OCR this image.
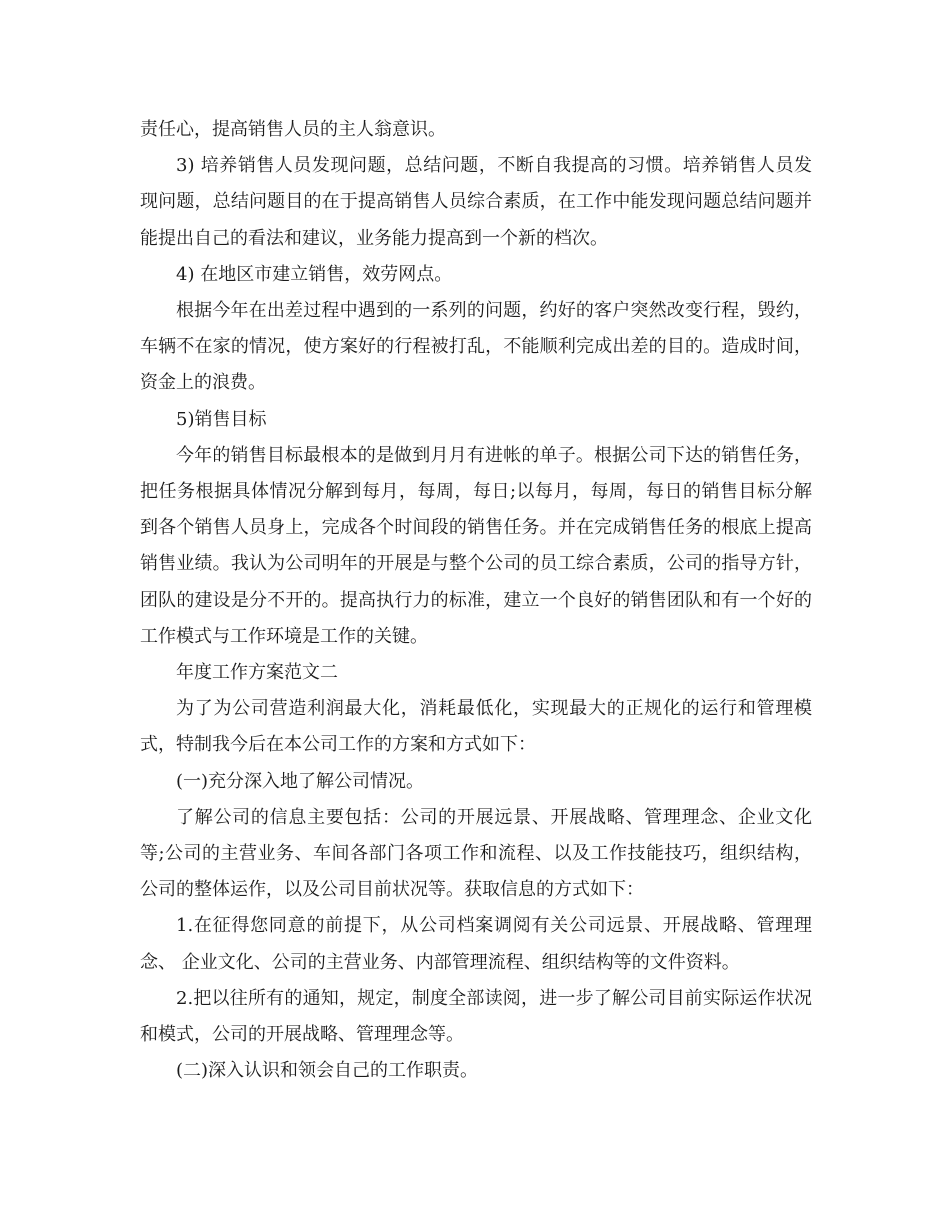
责任心，提高销售人员的主人翁意识。

3) 培养销售人员发现问题，总结问题，不断自我提高的习惯。培养销售人员发现问题，总结问题目的在于提高销售人员综合素质，在工作中能发现问题总结问题并能提出自己的看法和建议，业务能力提高到一个新的档次。

4) 在地区市建立销售，效劳网点。

根据今年在出差过程中遇到的一系列的问题，约好的客户突然改变行程，毁约，车辆不在家的情况，使方案好的行程被打乱，不能顺利完成出差的目的。造成时间，资金上的浪费。

5)销售目标

今年的销售目标最根本的是做到月月有进帐的单子。根据公司下达的销售任务，把任务根据具体情况分解到每月，每周，每日;以每月，每周，每日的销售目标分解到各个销售人员身上，完成各个时间段的销售任务。并在完成销售任务的根底上提高销售业绩。我认为公司明年的开展是与整个公司的员工综合素质，公司的指导方针，团队的建设是分不开的。提高执行力的标准，建立一个良好的销售团队和有一个好的工作模式与工作环境是工作的关键。

年度工作方案范文二

为了为公司营造利润最大化，消耗最低化，实现最大的正规化的运行和管理模式，特制我今后在本公司工作的方案和方式如下：

(一)充分深入地了解公司情况。

了解公司的信息主要包括：公司的开展远景、开展战略、管理理念、企业文化等;公司的主营业务、车间各部门各项工作和流程、以及工作技能技巧，组织结构，公司的整体运作，以及公司目前状况等。获取信息的方式如下：

1.在征得您同意的前提下，从公司档案调阅有关公司远景、开展战略、管理理念、 企业文化、公司的主营业务、内部管理流程、组织结构等的文件资料。

2.把以往所有的通知，规定，制度全部读阅，进一步了解公司目前实际运作状况和模式，公司的开展战略、管理理念等。

(二)深入认识和领会自己的工作职责。
